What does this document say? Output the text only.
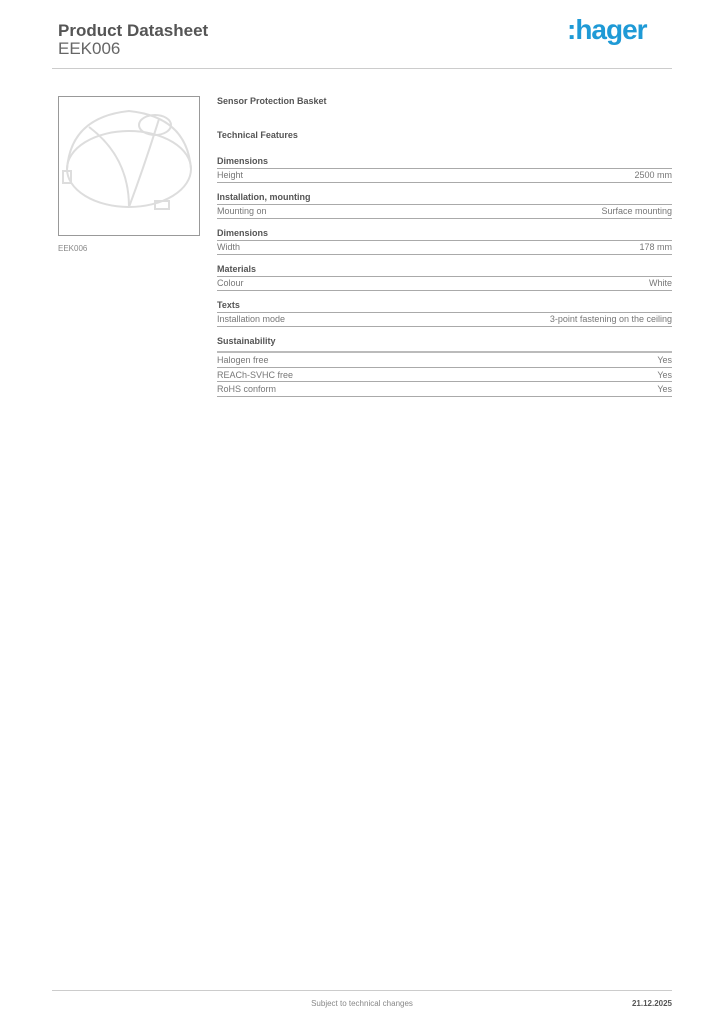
Product Datasheet
EEK006
:hager
EEK006
Sensor Protection Basket
Technical Features
Dimensions
Height	2500 mm
Installation, mounting
Mounting on	Surface mounting
Dimensions
Width	178 mm
Materials
Colour	White
Texts
Installation mode	3-point fastening on the ceiling
Sustainability
Halogen free	Yes
REACh-SVHC free	Yes
RoHS conform	Yes
Subject to technical changes	21.12.2025
